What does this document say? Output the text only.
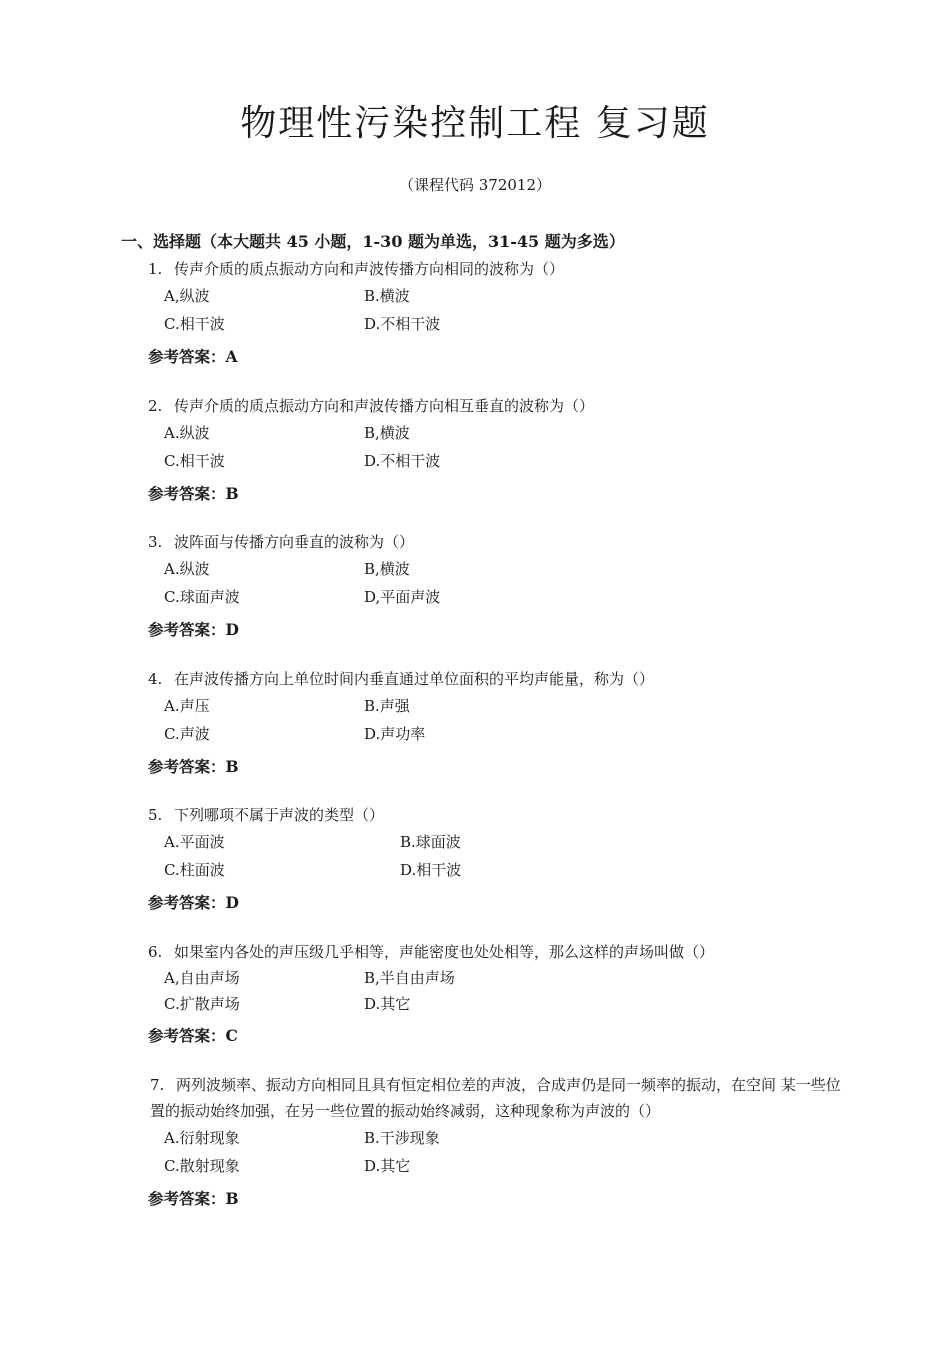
物理性污染控制工程 复习题
（课程代码 372012）
一、选择题（本大题共 45 小题，1-30 题为单选，31-45 题为多选）
1. 传声介质的质点振动方向和声波传播方向相同的波称为（）
A,纵波	B.横波
C.相干波	D.不相干波
参考答案：A
2. 传声介质的质点振动方向和声波传播方向相互垂直的波称为（）
A.纵波	B,横波
C.相干波	D.不相干波
参考答案：B
3. 波阵面与传播方向垂直的波称为（）
A.纵波	B,横波
C.球面声波	D,平面声波
参考答案：D
4. 在声波传播方向上单位时间内垂直通过单位面积的平均声能量，称为（）
A.声压	B.声强
C.声波	D.声功率
参考答案：B
5. 下列哪项不属于声波的类型（）
A.平面波	B.球面波
C.柱面波	D.相干波
参考答案：D
6. 如果室内各处的声压级几乎相等，声能密度也处处相等，那么这样的声场叫做（）
A,自由声场	B,半自由声场
C.扩散声场	D.其它
参考答案：C
7. 两列波频率、振动方向相同且具有恒定相位差的声波，合成声仍是同一频率的振动，在空间 某一些位置的振动始终加强，在另一些位置的振动始终减弱，这种现象称为声波的（）
A.衍射现象	B.干涉现象
C.散射现象	D.其它
参考答案：B
